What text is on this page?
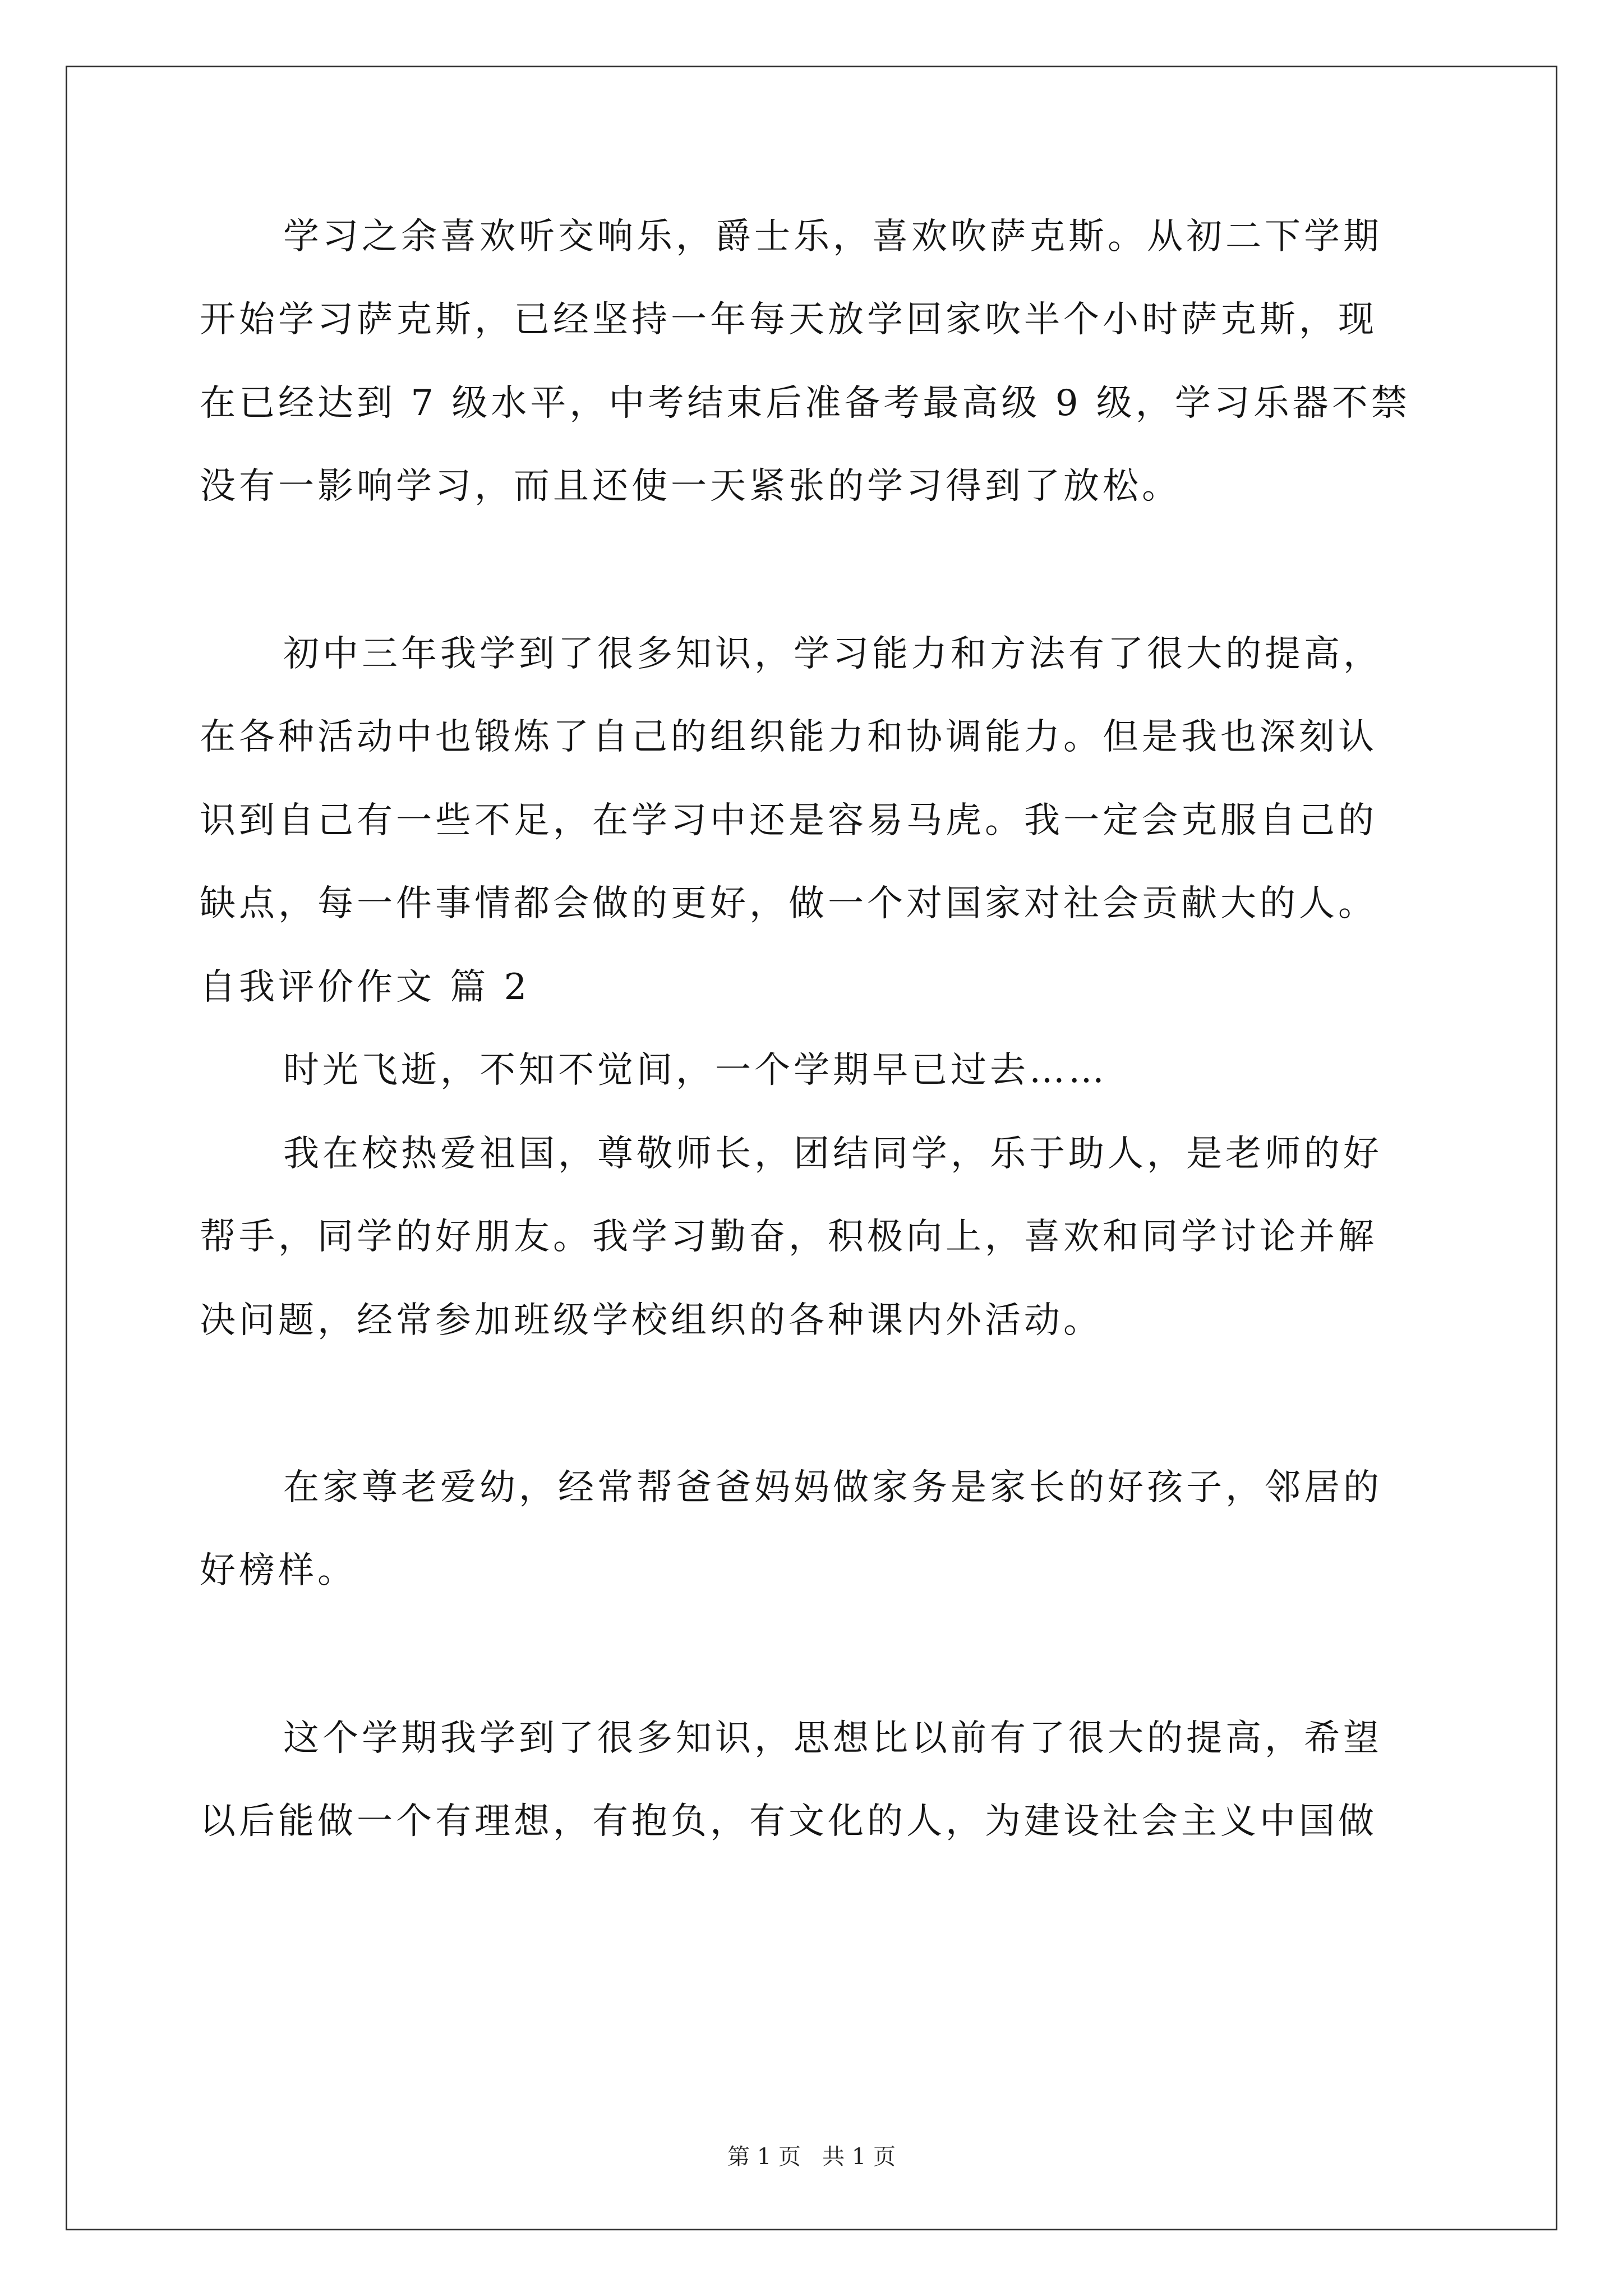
学习之余喜欢听交响乐，爵士乐，喜欢吹萨克斯。从初二下学期
开始学习萨克斯，已经坚持一年每天放学回家吹半个小时萨克斯，现
在已经达到 7 级水平，中考结束后准备考最高级 9 级，学习乐器不禁
没有一影响学习，而且还使一天紧张的学习得到了放松。
初中三年我学到了很多知识，学习能力和方法有了很大的提高，
在各种活动中也锻炼了自己的组织能力和协调能力。但是我也深刻认
识到自己有一些不足，在学习中还是容易马虎。我一定会克服自己的
缺点，每一件事情都会做的更好，做一个对国家对社会贡献大的人。
自我评价作文 篇 2
时光飞逝，不知不觉间，一个学期早已过去……
我在校热爱祖国，尊敬师长，团结同学，乐于助人，是老师的好
帮手，同学的好朋友。我学习勤奋，积极向上，喜欢和同学讨论并解
决问题，经常参加班级学校组织的各种课内外活动。
在家尊老爱幼，经常帮爸爸妈妈做家务是家长的好孩子，邻居的
好榜样。
这个学期我学到了很多知识，思想比以前有了很大的提高，希望
以后能做一个有理想，有抱负，有文化的人，为建设社会主义中国做
第 1 页   共 1 页
